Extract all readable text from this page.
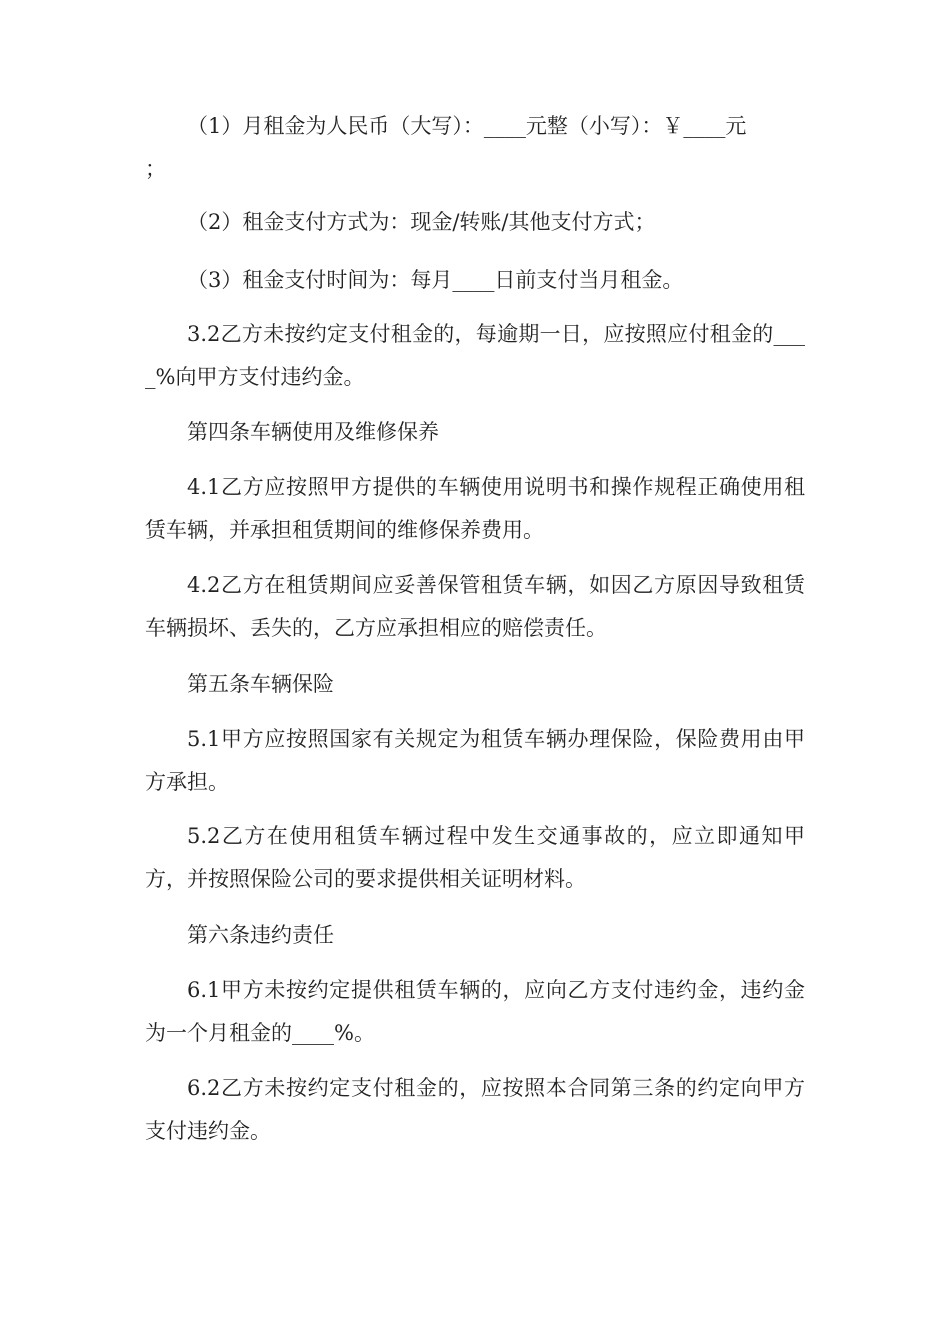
（1）月租金为人民币（大写）：____元整（小写）：￥____元

；

（2）租金支付方式为：现金/转账/其他支付方式；

（3）租金支付时间为：每月____日前支付当月租金。

3.2乙方未按约定支付租金的，每逾期一日，应按照应付租金的____%向甲方支付违约金。

第四条车辆使用及维修保养

4.1乙方应按照甲方提供的车辆使用说明书和操作规程正确使用租赁车辆，并承担租赁期间的维修保养费用。

4.2乙方在租赁期间应妥善保管租赁车辆，如因乙方原因导致租赁车辆损坏、丢失的，乙方应承担相应的赔偿责任。

第五条车辆保险

5.1甲方应按照国家有关规定为租赁车辆办理保险，保险费用由甲方承担。

5.2乙方在使用租赁车辆过程中发生交通事故的，应立即通知甲方，并按照保险公司的要求提供相关证明材料。

第六条违约责任

6.1甲方未按约定提供租赁车辆的，应向乙方支付违约金，违约金为一个月租金的____%。

6.2乙方未按约定支付租金的，应按照本合同第三条的约定向甲方支付违约金。
